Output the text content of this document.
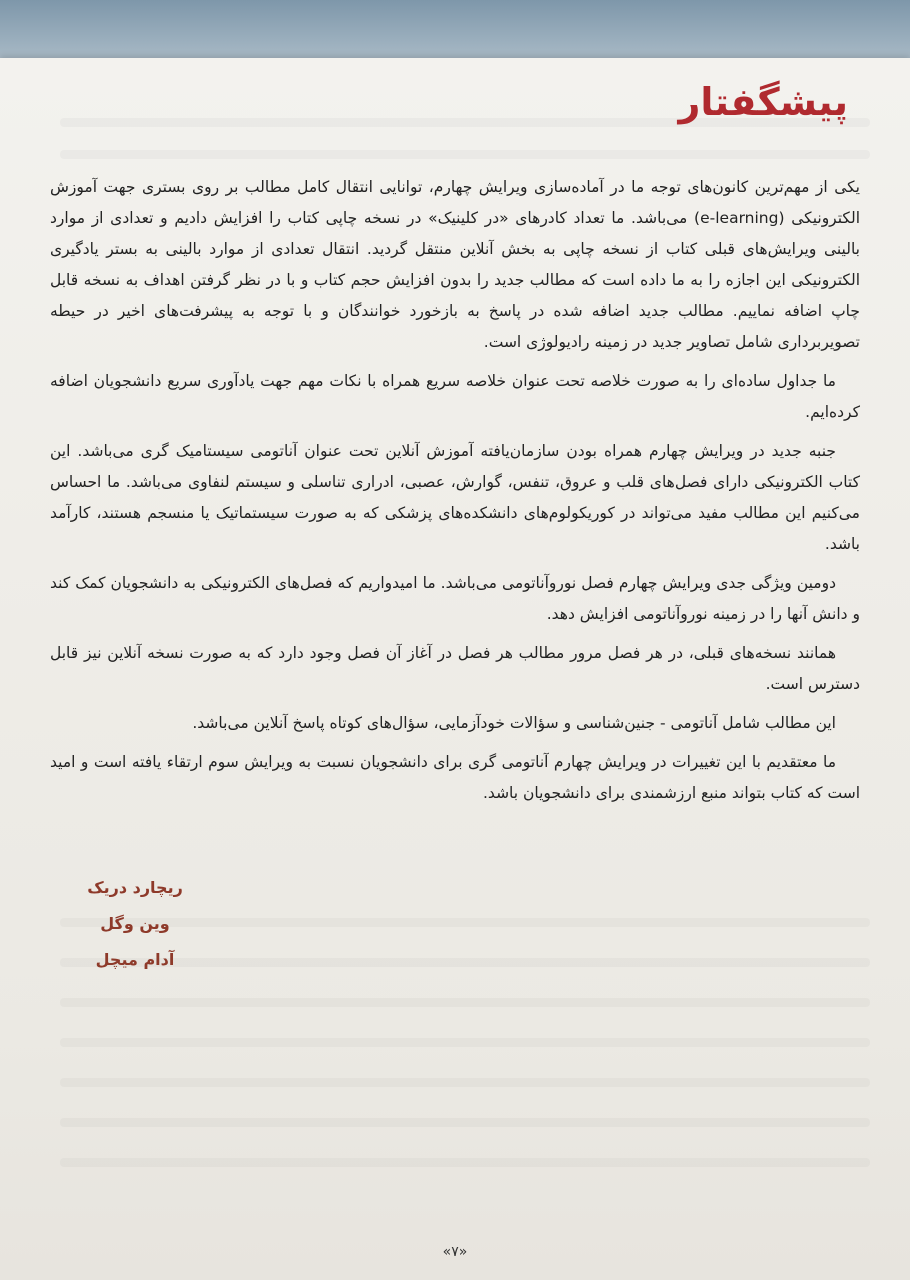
پیشگفتار

یکی از مهم‌ترین کانون‌های توجه ما در آماده‌سازی ویرایش چهارم، توانایی انتقال کامل مطالب بر روی بستری جهت آموزش الکترونیکی (e-learning) می‌باشد. ما تعداد کادرهای «در کلینیک» در نسخه چاپی کتاب را افزایش دادیم و تعدادی از موارد بالینی ویرایش‌های قبلی کتاب از نسخه چاپی به بخش آنلاین منتقل گردید. انتقال تعدادی از موارد بالینی به بستر یادگیری الکترونیکی این اجازه را به ما داده است که مطالب جدید را بدون افزایش حجم کتاب و با در نظر گرفتن اهداف به نسخه قابل چاپ اضافه نماییم. مطالب جدید اضافه شده در پاسخ به بازخورد خوانندگان و با توجه به پیشرفت‌های اخیر در حیطه تصویربرداری شامل تصاویر جدید در زمینه رادیولوژی است.

ما جداول ساده‌ای را به صورت خلاصه تحت عنوان خلاصه سریع همراه با نکات مهم جهت یادآوری سریع دانشجویان اضافه کرده‌ایم.

جنبه جدید در ویرایش چهارم همراه بودن سازمان‌یافته آموزش آنلاین تحت عنوان آناتومی سیستامیک گری می‌باشد. این کتاب الکترونیکی دارای فصل‌های قلب و عروق، تنفس، گوارش، عصبی، ادراری تناسلی و سیستم لنفاوی می‌باشد. ما احساس می‌کنیم این مطالب مفید می‌تواند در کوریکولوم‌های دانشکده‌های پزشکی که به صورت سیستماتیک یا منسجم هستند، کارآمد باشد.

دومین ویژگی جدی ویرایش چهارم فصل نوروآناتومی می‌باشد. ما امیدواریم که فصل‌های الکترونیکی به دانشجویان کمک کند و دانش آنها را در زمینه نوروآناتومی افزایش دهد.

همانند نسخه‌های قبلی، در هر فصل مرور مطالب هر فصل در آغاز آن فصل وجود دارد که به صورت نسخه آنلاین نیز قابل دسترس است.

این مطالب شامل آناتومی - جنین‌شناسی و سؤالات خودآزمایی، سؤال‌های کوتاه پاسخ آنلاین می‌باشد.

ما معتقدیم با این تغییرات در ویرایش چهارم آناتومی گری برای دانشجویان نسبت به ویرایش سوم ارتقاء یافته است و امید است که کتاب بتواند منبع ارزشمندی برای دانشجویان باشد.

ریچارد دریک
وین وگل
آدام میچل
«۷»
